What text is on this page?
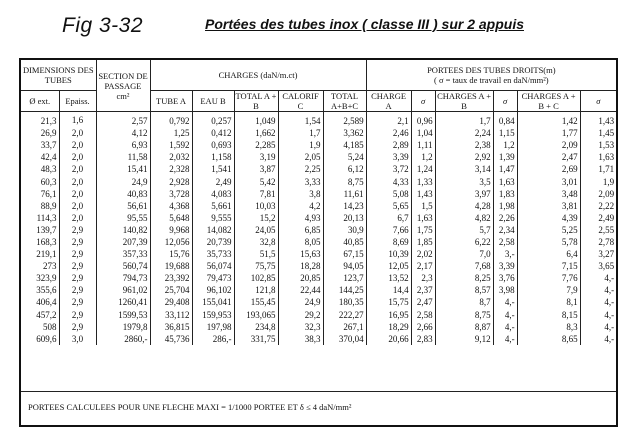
Fig 3-32	Portées des tubes inox ( classe III ) sur 2 appuis
DIMENSIONS DES TUBES		SECTION DE PASSAGE cm²	CHARGES (daN/m.ct)					PORTEES DES TUBES DROITS(m)
( σ = taux de travail en daN/mm²)					
Ø ext.	Epaiss.		TUBE A	EAU B	TOTAL A + B	CALORIF C	TOTAL A+B+C	CHARGE A	σ	CHARGES A + B	σ	CHARGES A + B + C	σ
21,3	1,6	2,57	0,792	0,257	1,049	1,54	2,589	2,1	0,96	1,7	0,84	1,42	1,43
26,9	2,0	4,12	1,25	0,412	1,662	1,7	3,362	2,46	1,04	2,24	1,15	1,77	1,45
33,7	2,0	6,93	1,592	0,693	2,285	1,9	4,185	2,89	1,11	2,38	1,2	2,09	1,53
42,4	2,0	11,58	2,032	1,158	3,19	2,05	5,24	3,39	1,2	2,92	1,39	2,47	1,63
48,3	2,0	15,41	2,328	1,541	3,87	2,25	6,12	3,72	1,24	3,14	1,47	2,69	1,71
60,3	2,0	24,9	2,928	2,49	5,42	3,33	8,75	4,33	1,33	3,5	1,63	3,01	1,9
76,1	2,0	40,83	3,728	4,083	7,81	3,8	11,61	5,08	1,43	3,97	1,83	3,48	2,09
88,9	2,0	56,61	4,368	5,661	10,03	4,2	14,23	5,65	1,5	4,28	1,98	3,81	2,22
114,3	2,0	95,55	5,648	9,555	15,2	4,93	20,13	6,7	1,63	4,82	2,26	4,39	2,49
139,7	2,9	140,82	9,968	14,082	24,05	6,85	30,9	7,66	1,75	5,7	2,34	5,25	2,55
168,3	2,9	207,39	12,056	20,739	32,8	8,05	40,85	8,69	1,85	6,22	2,58	5,78	2,78
219,1	2,9	357,33	15,76	35,733	51,5	15,63	67,15	10,39	2,02	7,0	3,-	6,4	3,27
273	2,9	560,74	19,688	56,074	75,75	18,28	94,05	12,05	2,17	7,68	3,39	7,15	3,65
323,9	2,9	794,73	23,392	79,473	102,85	20,85	123,7	13,52	2,3	8,25	3,76	7,76	4,-
355,6	2,9	961,02	25,704	96,102	121,8	22,44	144,25	14,4	2,37	8,57	3,98	7,9	4,-
406,4	2,9	1260,41	29,408	155,041	155,45	24,9	180,35	15,75	2,47	8,7	4,-	8,1	4,-
457,2	2,9	1599,53	33,112	159,953	193,065	29,2	222,27	16,95	2,58	8,75	4,-	8,15	4,-
508	2,9	1979,8	36,815	197,98	234,8	32,3	267,1	18,29	2,66	8,87	4,-	8,3	4,-
609,6	3,0	2860,-	45,736	286,-	331,75	38,3	370,04	20,66	2,83	9,12	4,-	8,65	4,-
PORTEES CALCULEES POUR UNE FLECHE MAXI = 1/1000 PORTEE ET δ ≤ 4 daN/mm²
